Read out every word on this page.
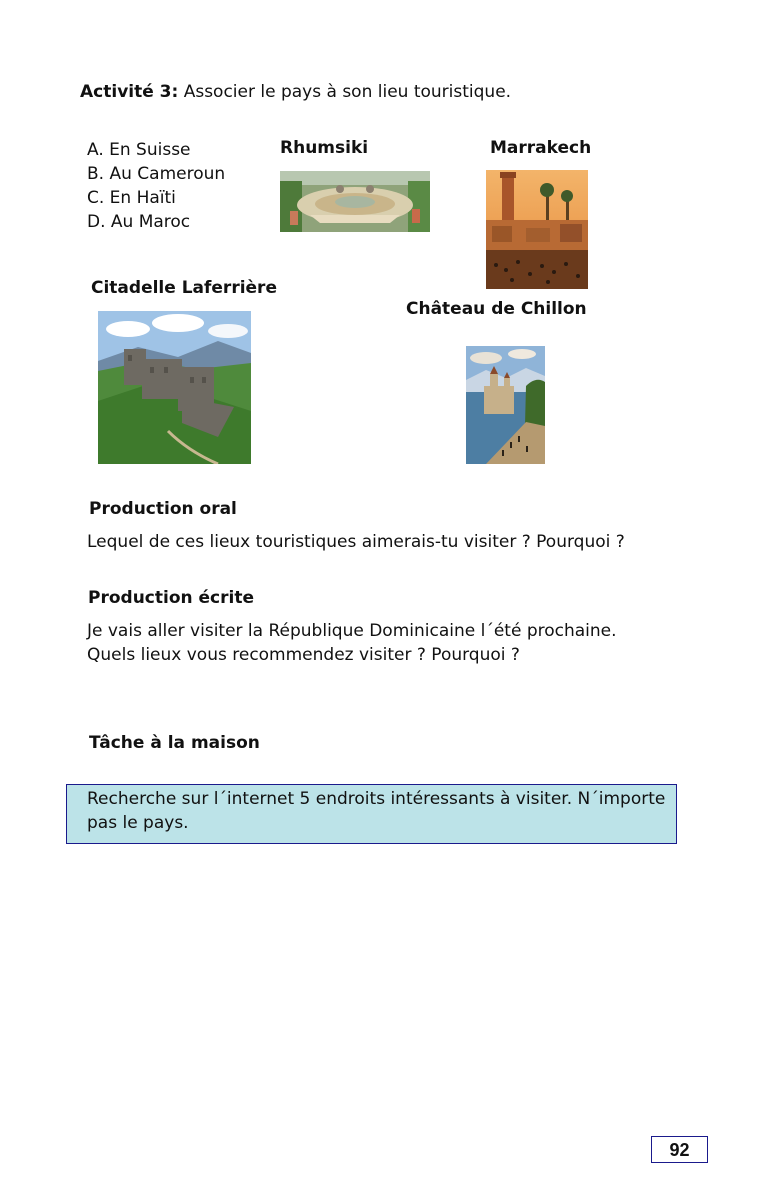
Activité 3: Associer le pays à son lieu touristique.
A. En Suisse
B. Au Cameroun
C. En Haïti
D. Au Maroc
Rhumsiki	Marrakech
Citadelle Laferrière
Château de Chillon
Production oral
Lequel de ces lieux touristiques aimerais-tu visiter ? Pourquoi ?
Production écrite
Je vais aller visiter la République Dominicaine l´été prochaine.
Quels lieux vous recommendez visiter ? Pourquoi ?
Tâche à la maison
Recherche sur l´internet 5 endroits intéressants à visiter. N´importe pas le pays.
92
